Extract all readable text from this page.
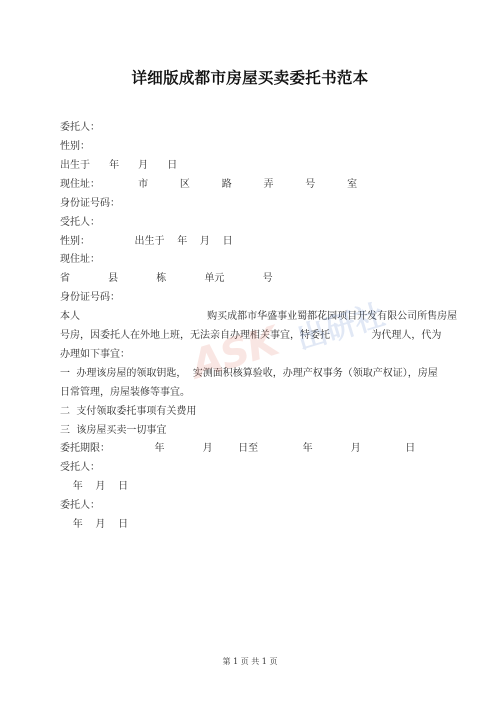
详细版成都市房屋买卖委托书范本
委托人：
性别：
出生于      年      月      日
现住址：            市          区          路          弄          号          室
身份证号码：
受托人：
性别：              出生于    年    月    日
现住址：
省            县            栋            单元            号
身份证号码：
本人                                        购买成都市华盛事业蜀都花园项目开发有限公司所售房屋
号房，因委托人在外地上班，无法亲自办理相关事宜，特委托             为代理人，代为
办理如下事宜：
一  办理该房屋的领取钥匙，  实测面积核算验收，办理产权事务（领取产权证），房屋
日常管理，房屋装修等事宜。
二  支付领取委托事项有关费用
三  该房屋买卖一切事宜
委托期限：              年            月        日至              年            月              日
受托人：
年    月    日
委托人：
年    月    日
ASK 出研社
第 1 页 共 1 页
